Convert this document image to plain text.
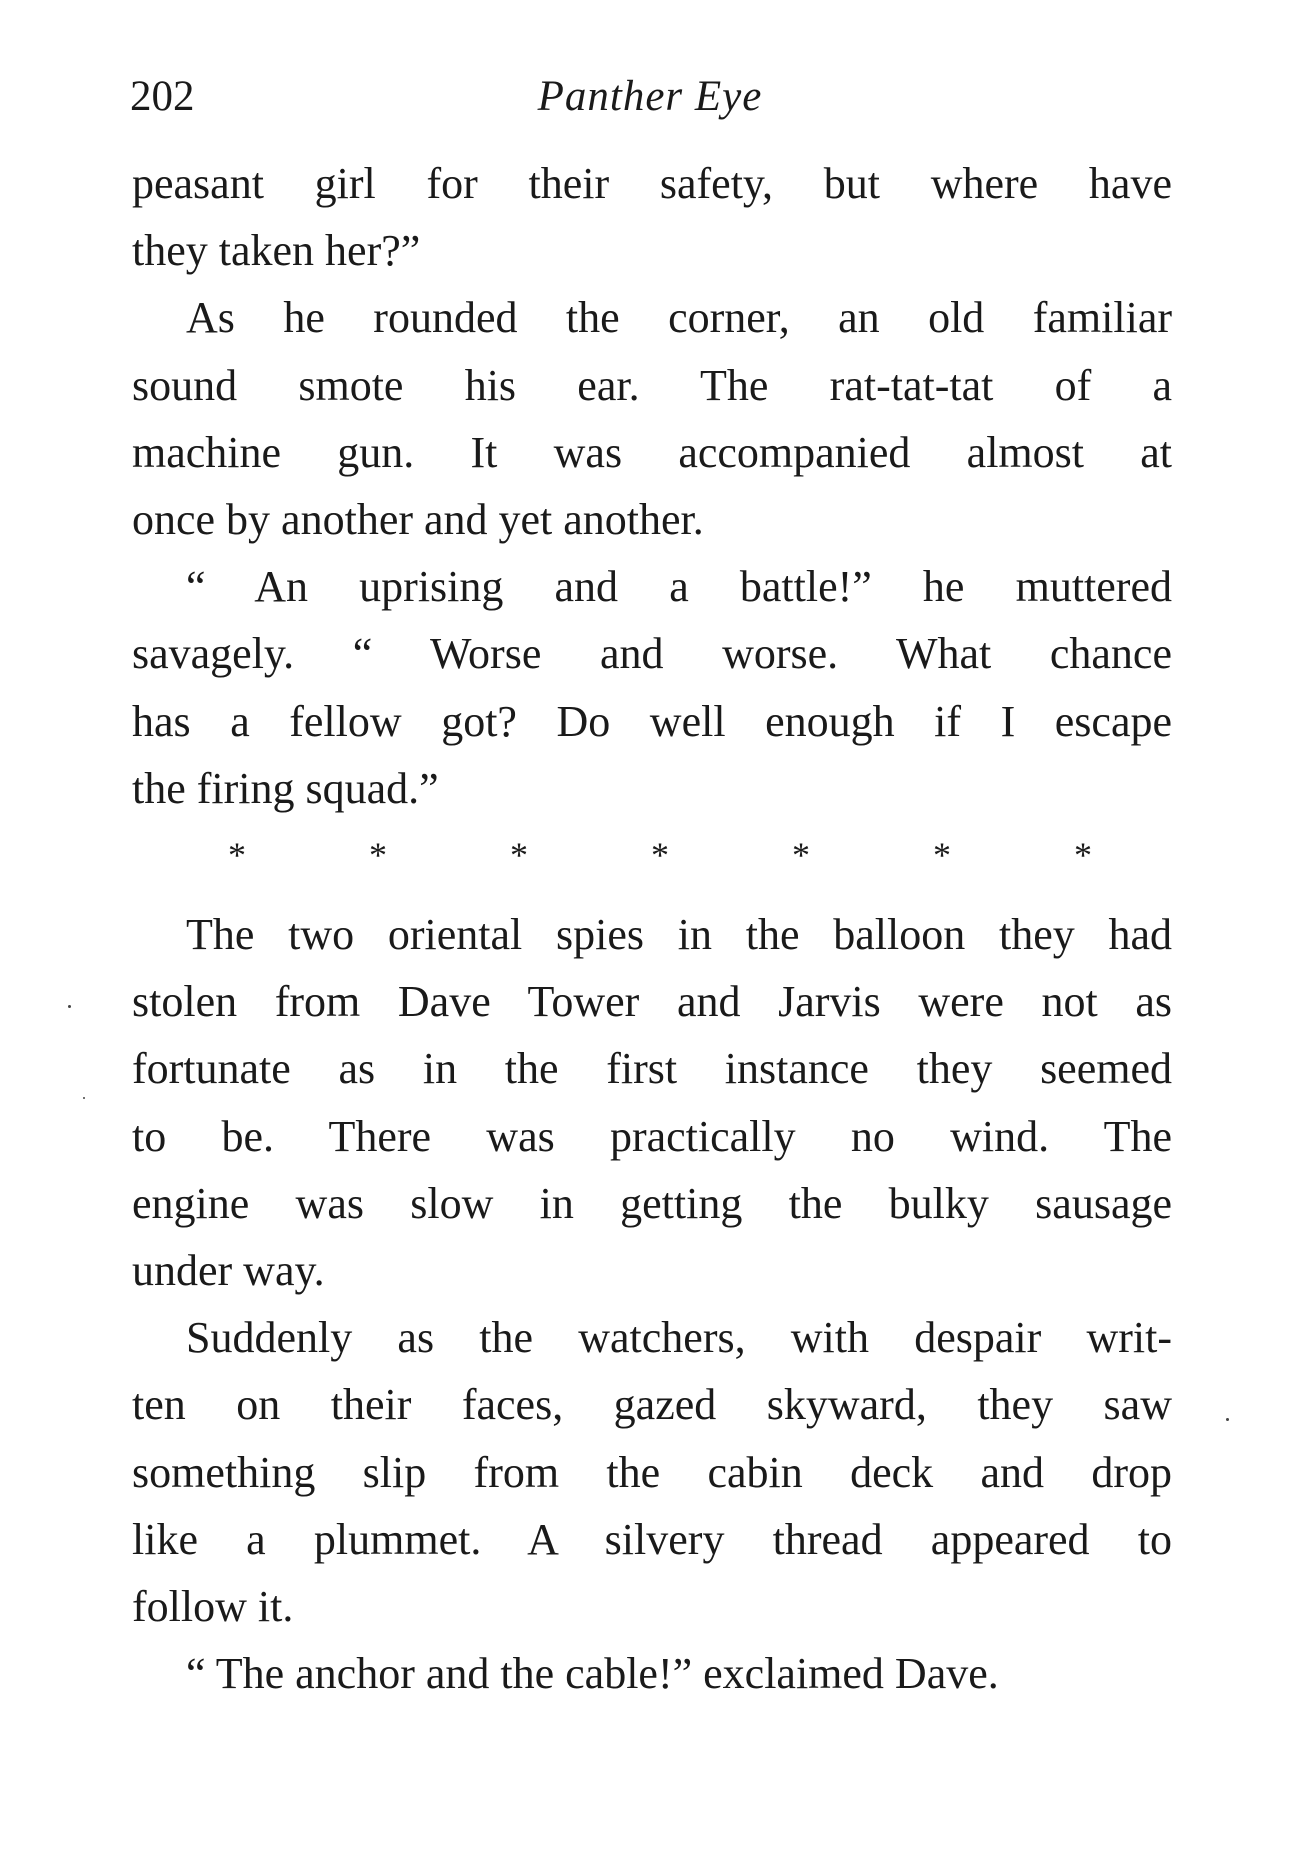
202	Panther Eye
peasant girl for their safety, but where have
they taken her?”
As he rounded the corner, an old familiar
sound smote his ear. The rat-tat-tat of a
machine gun. It was accompanied almost at
once by another and yet another.
“ An uprising and a battle!” he muttered
savagely. “ Worse and worse. What chance
has a fellow got? Do well enough if I escape
the firing squad.”
*	*	*	*	*	*	*
The two oriental spies in the balloon they had
stolen from Dave Tower and Jarvis were not as
fortunate as in the first instance they seemed
to be. There was practically no wind. The
engine was slow in getting the bulky sausage
under way.
Suddenly as the watchers, with despair writ-
ten on their faces, gazed skyward, they saw
something slip from the cabin deck and drop
like a plummet. A silvery thread appeared to
follow it.
“ The anchor and the cable!” exclaimed Dave.
